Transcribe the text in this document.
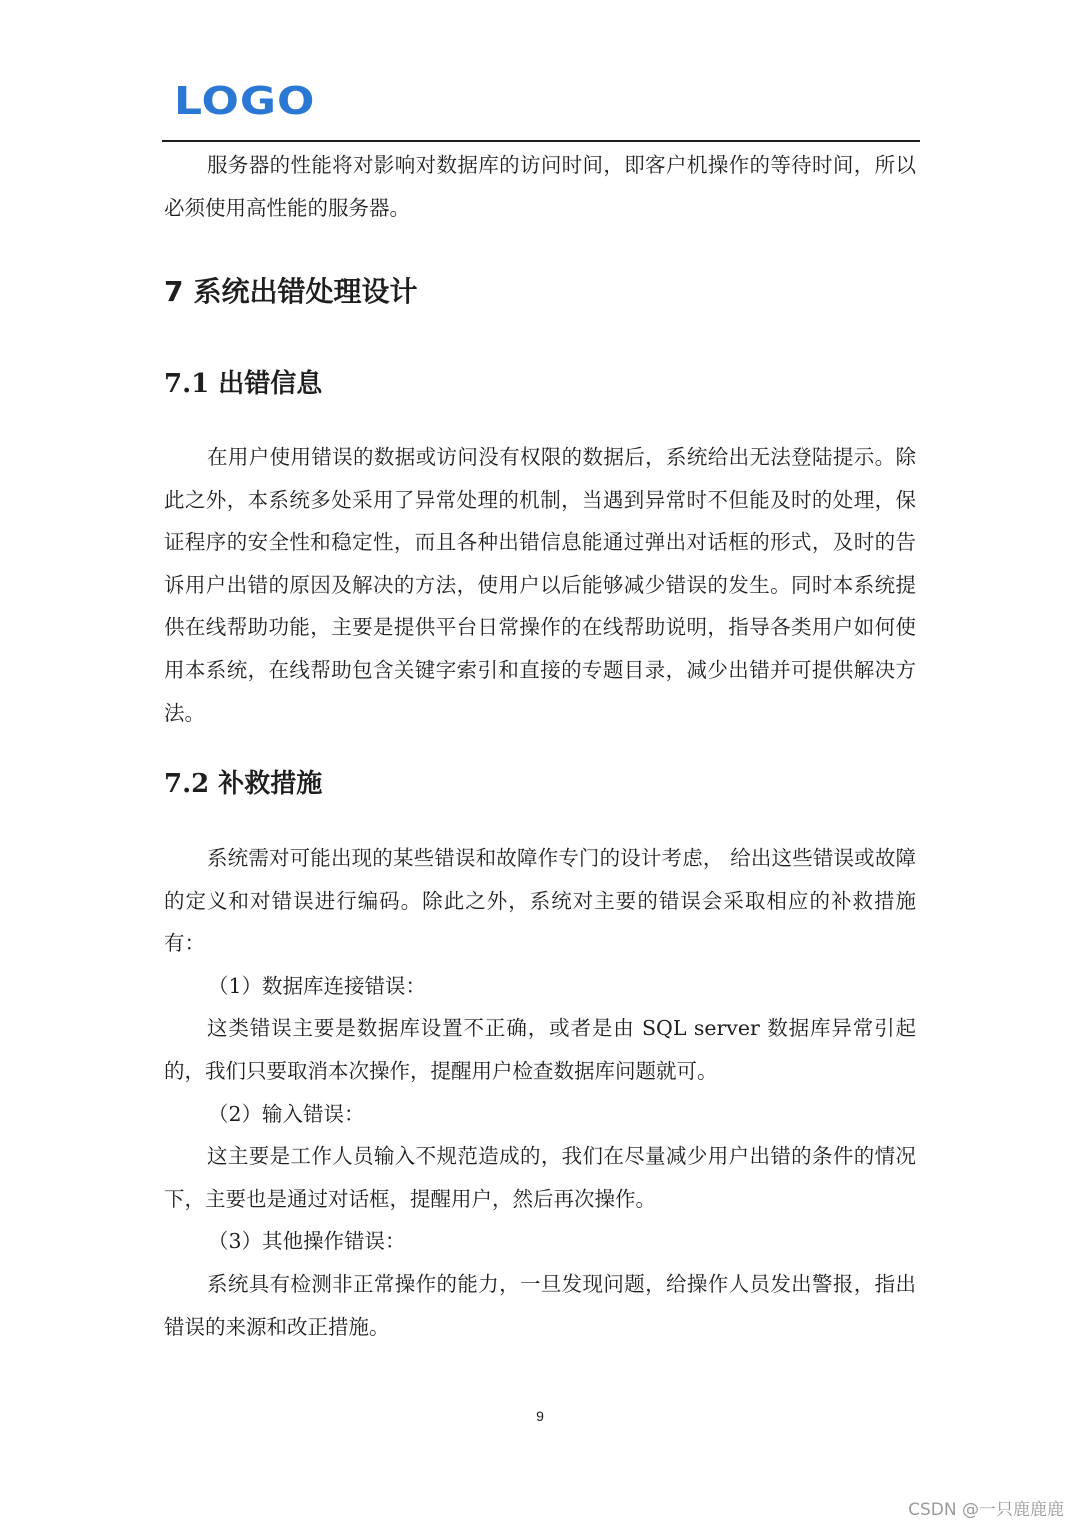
LOGO

服务器的性能将对影响对数据库的访问时间，即客户机操作的等待时间，所以必须使用高性能的服务器。

7 系统出错处理设计
7.1 出错信息

在用户使用错误的数据或访问没有权限的数据后，系统给出无法登陆提示。除此之外，本系统多处采用了异常处理的机制，当遇到异常时不但能及时的处理，保证程序的安全性和稳定性，而且各种出错信息能通过弹出对话框的形式，及时的告诉用户出错的原因及解决的方法，使用户以后能够减少错误的发生。同时本系统提供在线帮助功能，主要是提供平台日常操作的在线帮助说明，指导各类用户如何使用本系统，在线帮助包含关键字索引和直接的专题目录，减少出错并可提供解决方法。

7.2 补救措施

系统需对可能出现的某些错误和故障作专门的设计考虑， 给出这些错误或故障的定义和对错误进行编码。除此之外，系统对主要的错误会采取相应的补救措施有：

（1）数据库连接错误：

这类错误主要是数据库设置不正确，或者是由 SQL server 数据库异常引起的，我们只要取消本次操作，提醒用户检查数据库问题就可。

（2）输入错误：

这主要是工作人员输入不规范造成的，我们在尽量减少用户出错的条件的情况下，主要也是通过对话框，提醒用户，然后再次操作。

（3）其他操作错误：

系统具有检测非正常操作的能力，一旦发现问题，给操作人员发出警报，指出错误的来源和改正措施。

9
CSDN @一只鹿鹿鹿
